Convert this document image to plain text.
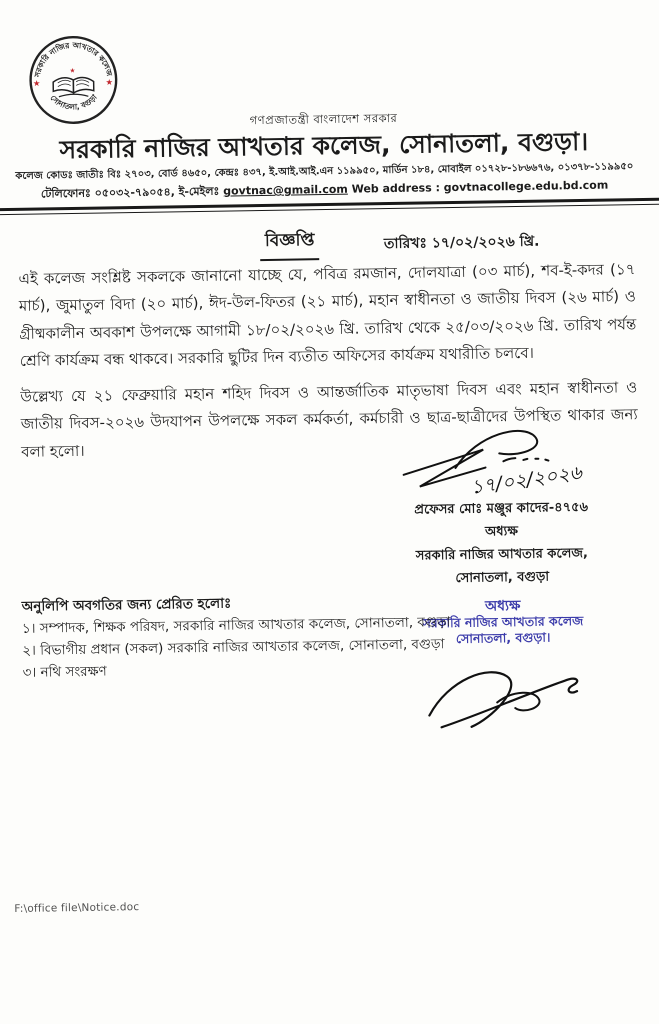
সরকারি নাজির আখতার কলেজ
সোনাতলা, বগুড়া
★	★
★
গণপ্রজাতন্ত্রী বাংলাদেশ সরকার
সরকারি নাজির আখতার কলেজ, সোনাতলা, বগুড়া।
কলেজ কোডঃ জাতীঃ বিঃ ২৭০৩, বোর্ড ৪৬৫০, কেন্দ্রঃ ৪৩৭, ই.আই.আই.এন ১১৯৯৫০, মার্ডিন ১৮৪, মোবাইল ০১৭২৮-১৮৬৬৭৬, ০১৩৭৮-১১৯৯৫০
টেলিফোনঃ ০৫০৩২-৭৯০৫৪, ই-মেইলঃ govtnac@gmail.com Web address : govtnacollege.edu.bd.com
বিজ্ঞপ্তি	তারিখঃ ১৭/০২/২০২৬ খ্রি.
এই কলেজ সংশ্লিষ্ট সকলকে জানানো যাচ্ছে যে, পবিত্র রমজান, দোলযাত্রা (০৩ মার্চ), শব-ই-কদর (১৭ মার্চ), জুমাতুল বিদা (২০ মার্চ), ঈদ-উল-ফিতর (২১ মার্চ), মহান স্বাধীনতা ও জাতীয় দিবস (২৬ মার্চ) ও গ্রীষ্মকালীন অবকাশ উপলক্ষে আগামী ১৮/০২/২০২৬ খ্রি. তারিখ থেকে ২৫/০৩/২০২৬ খ্রি. তারিখ পর্যন্ত শ্রেণি কার্যক্রম বন্ধ থাকবে। সরকারি ছুটির দিন ব্যতীত অফিসের কার্যক্রম যথারীতি চলবে।
উল্লেখ্য যে ২১ ফেব্রুয়ারি মহান শহিদ দিবস ও আন্তর্জাতিক মাতৃভাষা দিবস এবং মহান স্বাধীনতা ও জাতীয় দিবস-২০২৬ উদযাপন উপলক্ষে সকল কর্মকর্তা, কর্মচারী ও ছাত্র-ছাত্রীদের উপস্থিত থাকার জন্য বলা হলো।
১৭/০২/২০২৬
প্রফেসর মোঃ মঞ্জুর কাদের-৪৭৫৬
অধ্যক্ষ
সরকারি নাজির আখতার কলেজ,
সোনাতলা, বগুড়া
অধ্যক্ষ
সরকারি নাজির আখতার কলেজ
সোনাতলা, বগুড়া।
অনুলিপি অবগতির জন্য প্রেরিত হলোঃ
১। সম্পাদক, শিক্ষক পরিষদ, সরকারি নাজির আখতার কলেজ, সোনাতলা, বগুড়া
২। বিভাগীয় প্রধান (সকল) সরকারি নাজির আখতার কলেজ, সোনাতলা, বগুড়া
৩। নথি সংরক্ষণ
F:\office file\Notice.doc
